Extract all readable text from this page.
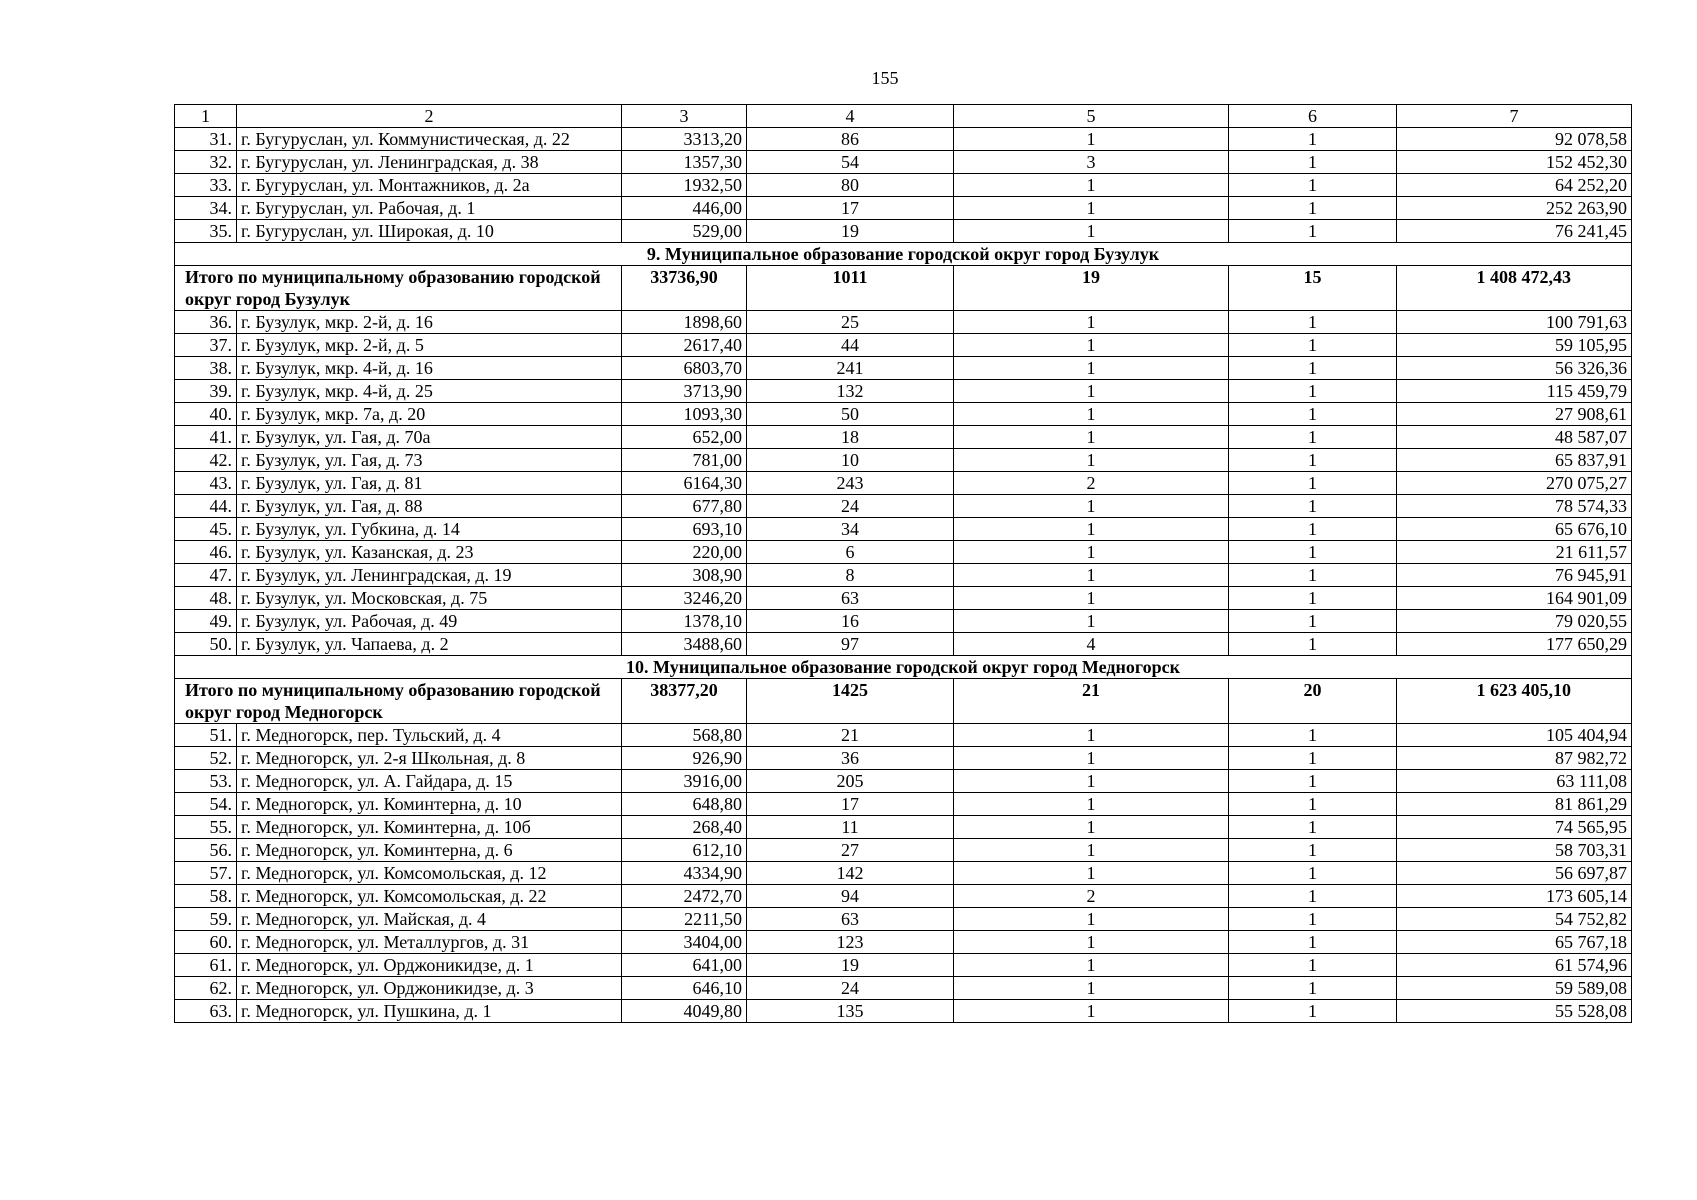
155
1	2	3	4	5	6	7
31.	г. Бугуруслан, ул. Коммунистическая, д. 22	3313,20	86	1	1	92 078,58
32.	г. Бугуруслан, ул. Ленинградская, д. 38	1357,30	54	3	1	152 452,30
33.	г. Бугуруслан, ул. Монтажников, д. 2а	1932,50	80	1	1	64 252,20
34.	г. Бугуруслан, ул. Рабочая, д. 1	446,00	17	1	1	252 263,90
35.	г. Бугуруслан, ул. Широкая, д. 10	529,00	19	1	1	76 241,45
9. Муниципальное образование городской округ город Бузулук						
Итого по муниципальному образованию городской округ город Бузулук		33736,90	1011	19	15	1 408 472,43
36.	г. Бузулук, мкр. 2-й, д. 16	1898,60	25	1	1	100 791,63
37.	г. Бузулук, мкр. 2-й, д. 5	2617,40	44	1	1	59 105,95
38.	г. Бузулук, мкр. 4-й, д. 16	6803,70	241	1	1	56 326,36
39.	г. Бузулук, мкр. 4-й, д. 25	3713,90	132	1	1	115 459,79
40.	г. Бузулук, мкр. 7а, д. 20	1093,30	50	1	1	27 908,61
41.	г. Бузулук, ул. Гая, д. 70а	652,00	18	1	1	48 587,07
42.	г. Бузулук, ул. Гая, д. 73	781,00	10	1	1	65 837,91
43.	г. Бузулук, ул. Гая, д. 81	6164,30	243	2	1	270 075,27
44.	г. Бузулук, ул. Гая, д. 88	677,80	24	1	1	78 574,33
45.	г. Бузулук, ул. Губкина, д. 14	693,10	34	1	1	65 676,10
46.	г. Бузулук, ул. Казанская, д. 23	220,00	6	1	1	21 611,57
47.	г. Бузулук, ул. Ленинградская, д. 19	308,90	8	1	1	76 945,91
48.	г. Бузулук, ул. Московская, д. 75	3246,20	63	1	1	164 901,09
49.	г. Бузулук, ул. Рабочая, д. 49	1378,10	16	1	1	79 020,55
50.	г. Бузулук, ул. Чапаева, д. 2	3488,60	97	4	1	177 650,29
10. Муниципальное образование городской округ город Медногорск						
Итого по муниципальному образованию городской округ город Медногорск		38377,20	1425	21	20	1 623 405,10
51.	г. Медногорск, пер. Тульский, д. 4	568,80	21	1	1	105 404,94
52.	г. Медногорск, ул. 2-я Школьная, д. 8	926,90	36	1	1	87 982,72
53.	г. Медногорск, ул. А. Гайдара, д. 15	3916,00	205	1	1	63 111,08
54.	г. Медногорск, ул. Коминтерна, д. 10	648,80	17	1	1	81 861,29
55.	г. Медногорск, ул. Коминтерна, д. 10б	268,40	11	1	1	74 565,95
56.	г. Медногорск, ул. Коминтерна, д. 6	612,10	27	1	1	58 703,31
57.	г. Медногорск, ул. Комсомольская, д. 12	4334,90	142	1	1	56 697,87
58.	г. Медногорск, ул. Комсомольская, д. 22	2472,70	94	2	1	173 605,14
59.	г. Медногорск, ул. Майская, д. 4	2211,50	63	1	1	54 752,82
60.	г. Медногорск, ул. Металлургов, д. 31	3404,00	123	1	1	65 767,18
61.	г. Медногорск, ул. Орджоникидзе, д. 1	641,00	19	1	1	61 574,96
62.	г. Медногорск, ул. Орджоникидзе, д. 3	646,10	24	1	1	59 589,08
63.	г. Медногорск, ул. Пушкина, д. 1	4049,80	135	1	1	55 528,08
